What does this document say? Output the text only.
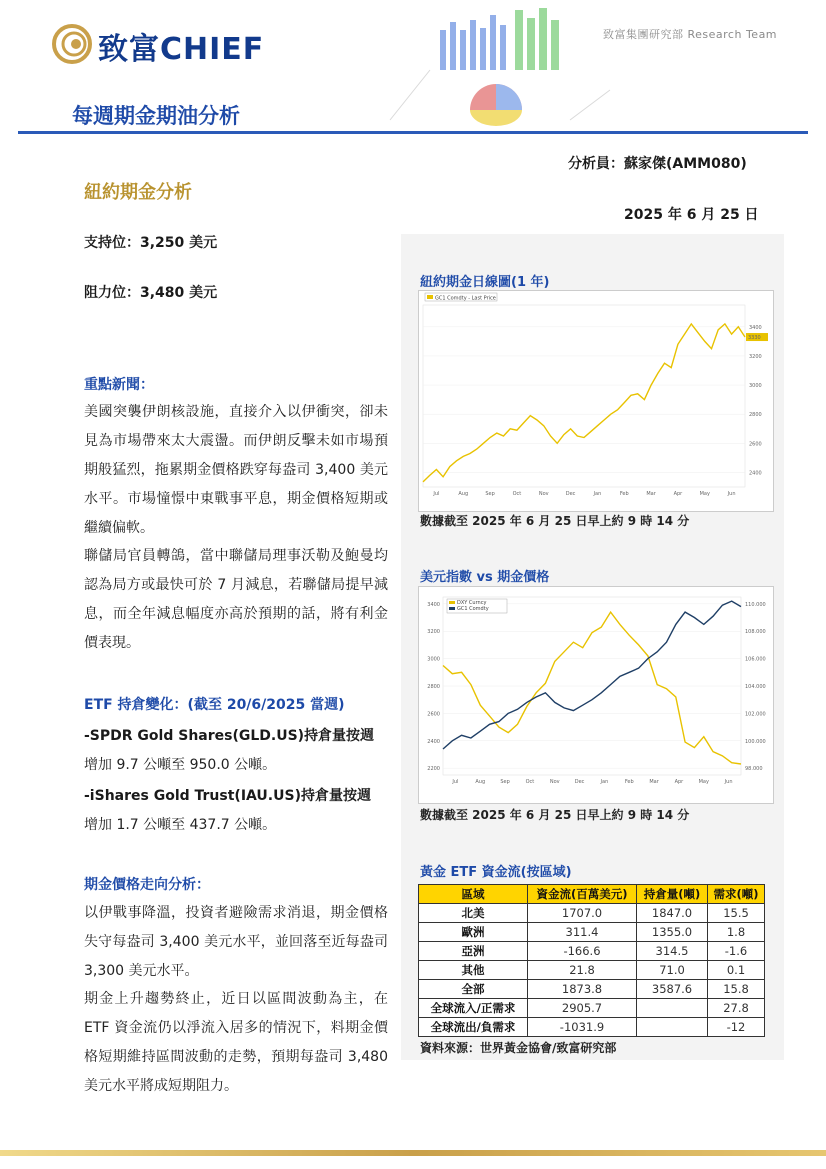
致富CHIEF	致富集團研究部 Research Team
每週期金期油分析
分析員：蘇家傑(AMM080)
紐約期金分析
2025 年 6 月 25 日
支持位：3,250 美元
阻力位：3,480 美元
重點新聞：
美國突襲伊朗核設施，直接介入以伊衝突，卻未見為市場帶來太大震盪。而伊朗反擊未如市場預期般猛烈，拖累期金價格跌穿每盎司 3,400 美元水平。市場憧憬中東戰事平息，期金價格短期或繼續偏軟。
聯儲局官員轉鴿，當中聯儲局理事沃勒及鮑曼均認為局方或最快可於 7 月減息，若聯儲局提早減息，而全年減息幅度亦高於預期的話，將有利金價表現。
ETF 持倉變化：(截至 20/6/2025 當週)
-SPDR Gold Shares(GLD.US)持倉量按週
增加 9.7 公噸至 950.0 公噸。
-iShares Gold Trust(IAU.US)持倉量按週
增加 1.7 公噸至 437.7 公噸。
期金價格走向分析：
以伊戰事降溫，投資者避險需求消退，期金價格失守每盎司 3,400 美元水平，並回落至近每盎司 3,300 美元水平。
期金上升趨勢終止，近日以區間波動為主，在 ETF 資金流仍以淨流入居多的情況下，料期金價格短期維持區間波動的走勢，預期每盎司 3,480 美元水平將成短期阻力。
紐約期金日線圖(1 年)
2400
2600
2800
3000
3200
3400
Jul	Aug	Sep	Oct	Nov	Dec	Jan	Feb	Mar	Apr	May	Jun
GC1 Comdty - Last Price
3330
數據截至 2025 年 6 月 25 日早上約 9 時 14 分
美元指數 vs 期金價格
2200
2400
2600
2800
3000
3200
3400
98.000
100.000
102.000
104.000
106.000
108.000
110.000
Jul	Aug	Sep	Oct	Nov	Dec	Jan	Feb	Mar	Apr	May	Jun
DXY Curncy
GC1 Comdty
數據截至 2025 年 6 月 25 日早上約 9 時 14 分
黃金 ETF 資金流(按區域)
區域	資金流(百萬美元)	持倉量(噸)	需求(噸)
北美	1707.0	1847.0	15.5
歐洲	311.4	1355.0	1.8
亞洲	-166.6	314.5	-1.6
其他	21.8	71.0	0.1
全部	1873.8	3587.6	15.8
全球流入/正需求	2905.7		27.8
全球流出/負需求	-1031.9		-12
資料來源：世界黃金協會/致富研究部
